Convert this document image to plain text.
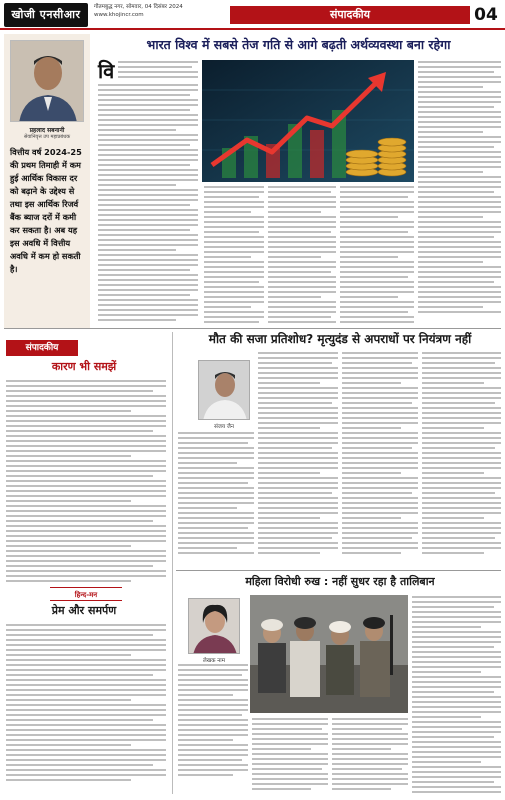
खोजी एनसीआर
गौतमबुद्ध नगर, सोमवार, 04 दिसंबर 2024
www.khojincr.com	संपादकीय	04
प्रहलाद सबनानी
सेवानिवृत्त उप महाप्रबंधक
वित्तीय वर्ष 2024-25 की प्रथम तिमाही में कम हुई आर्थिक विकास दर को बढ़ाने के उद्देश्य से तथा इस आर्थिक रिजर्व बैंक ब्याज दरों में कमी कर सकता है। अब यह इस अवधि में वित्तीय अवधि में कम हो सकती है।
भारत विश्व में सबसे तेज गति से आगे बढ़ती अर्थव्यवस्था बना रहेगा
वि
संपादकीय
कारण भी समझें
हिन्द-मन
प्रेम और समर्पण
मौत की सजा प्रतिशोध? मृत्युदंड से अपराधों पर नियंत्रण नहीं
संजय जैन
महिला विरोधी रुख : नहीं सुधर रहा है तालिबान
लेखक नाम
